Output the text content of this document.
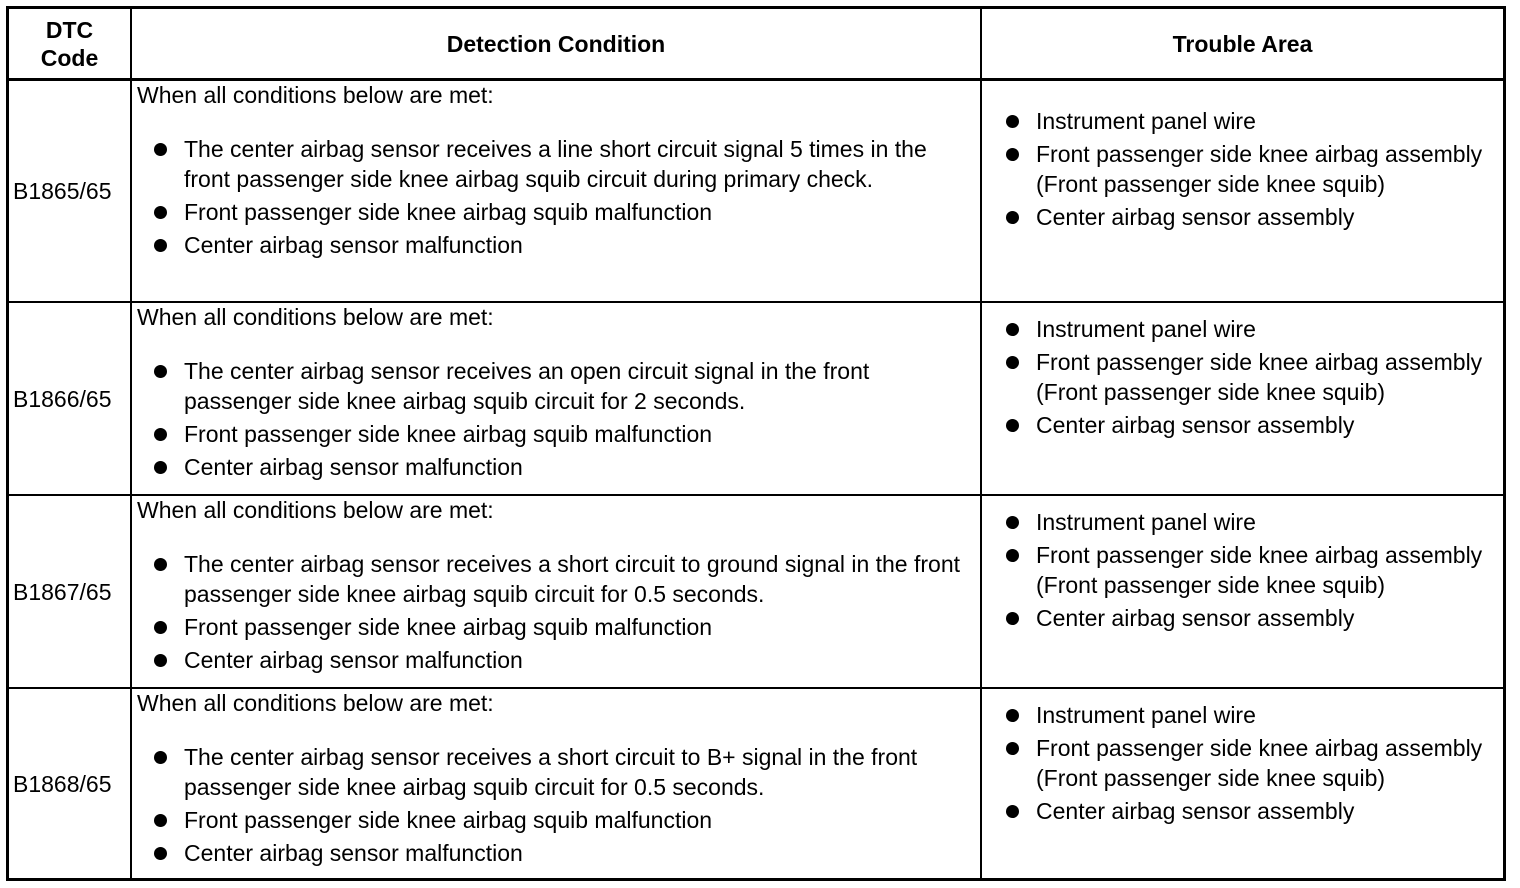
DTC
Code
Detection Condition	Trouble Area
B1865/65
When all conditions below are met:
The center airbag sensor receives a line short circuit signal 5 times in the front passenger side knee airbag squib circuit during primary check.
Front passenger side knee airbag squib malfunction
Center airbag sensor malfunction
Instrument panel wire
Front passenger side knee airbag assembly (Front passenger side knee squib)
Center airbag sensor assembly
B1866/65
When all conditions below are met:
The center airbag sensor receives an open circuit signal in the front passenger side knee airbag squib circuit for 2 seconds.
Front passenger side knee airbag squib malfunction
Center airbag sensor malfunction
Instrument panel wire
Front passenger side knee airbag assembly (Front passenger side knee squib)
Center airbag sensor assembly
B1867/65
When all conditions below are met:
The center airbag sensor receives a short circuit to ground signal in the front passenger side knee airbag squib circuit for 0.5 seconds.
Front passenger side knee airbag squib malfunction
Center airbag sensor malfunction
Instrument panel wire
Front passenger side knee airbag assembly (Front passenger side knee squib)
Center airbag sensor assembly
B1868/65
When all conditions below are met:
The center airbag sensor receives a short circuit to B+ signal in the front passenger side knee airbag squib circuit for 0.5 seconds.
Front passenger side knee airbag squib malfunction
Center airbag sensor malfunction
Instrument panel wire
Front passenger side knee airbag assembly (Front passenger side knee squib)
Center airbag sensor assembly
